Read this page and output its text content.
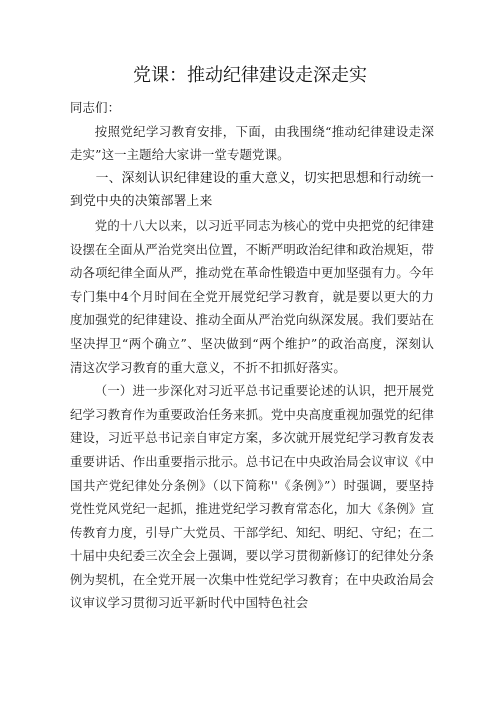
党课：推动纪律建设走深走实

同志们：

按照党纪学习教育安排，下面，由我围绕“推动纪律建设走深走实”这一主题给大家讲一堂专题党课。

一、深刻认识纪律建设的重大意义，切实把思想和行动统一到党中央的决策部署上来

党的十八大以来，以习近平同志为核心的党中央把党的纪律建设摆在全面从严治党突出位置，不断严明政治纪律和政治规矩，带动各项纪律全面从严，推动党在革命性锻造中更加坚强有力。今年专门集中4个月时间在全党开展党纪学习教育，就是要以更大的力度加强党的纪律建设、推动全面从严治党向纵深发展。我们要站在坚决捍卫“两个确立”、坚决做到“两个维护”的政治高度，深刻认清这次学习教育的重大意义，不折不扣抓好落实。

（一）进一步深化对习近平总书记重要论述的认识，把开展党纪学习教育作为重要政治任务来抓。党中央高度重视加强党的纪律建设，习近平总书记亲自审定方案，多次就开展党纪学习教育发表重要讲话、作出重要指示批示。总书记在中央政治局会议审议《中国共产党纪律处分条例》（以下简称''《条例》”）时强调，要坚持党性党风党纪一起抓，推进党纪学习教育常态化，加大《条例》宣传教育力度，引导广大党员、干部学纪、知纪、明纪、守纪；在二十届中央纪委三次全会上强调，要以学习贯彻新修订的纪律处分条例为契机，在全党开展一次集中性党纪学习教育；在中央政治局会议审议学习贯彻习近平新时代中国特色社会
